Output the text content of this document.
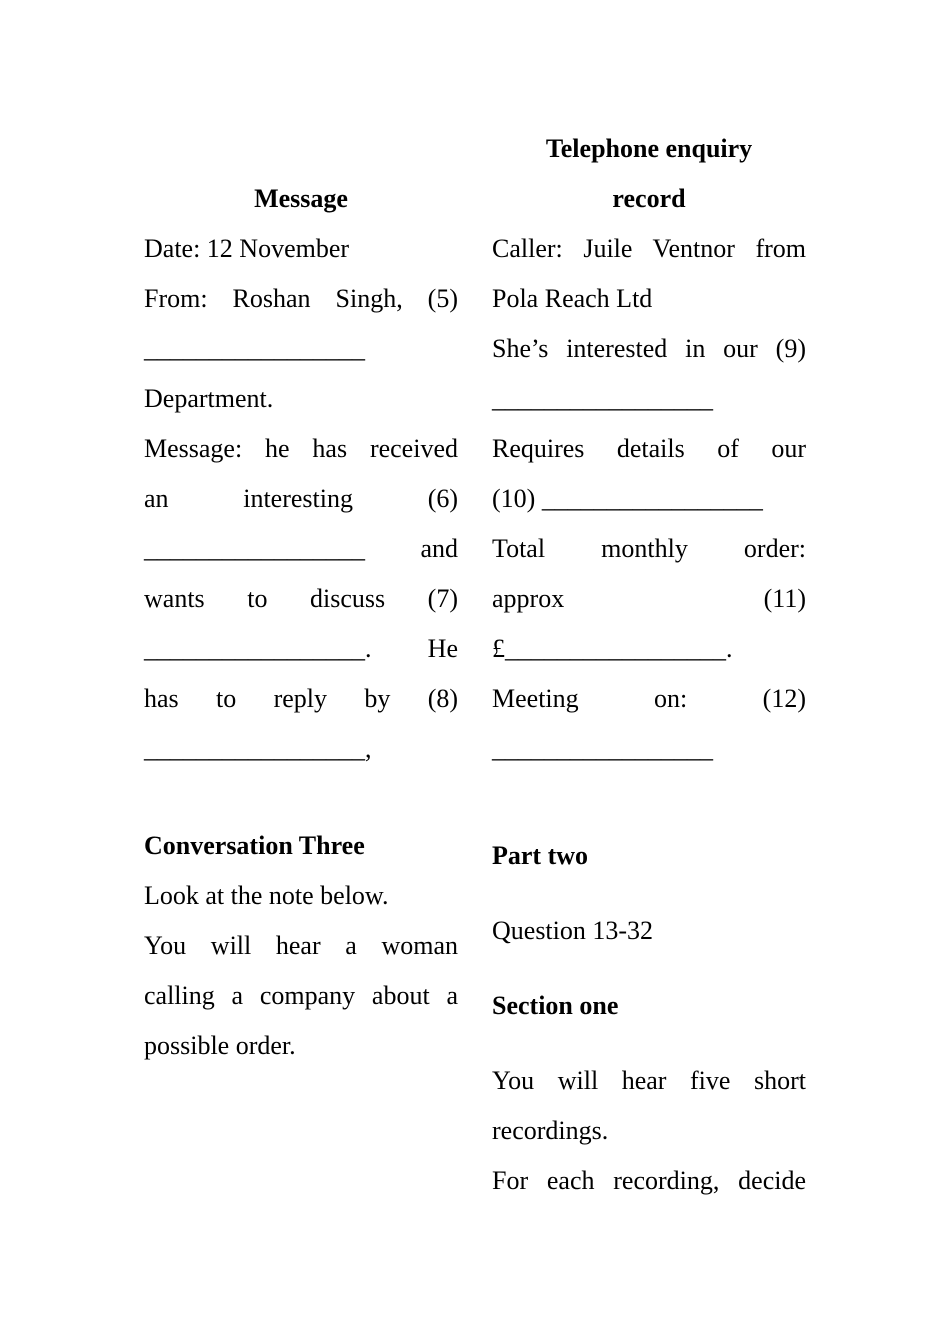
Message
Date: 12 November
From: Roshan Singh, (5)
_________________
Department.
Message: he has received
an	interesting	(6)
_________________ and
wants to discuss (7)
_________________. He
has to reply by (8)
_________________,
Telephone enquiry
record
Caller: Juile Ventnor from
Pola Reach Ltd
She’s interested in our (9)
_________________
Requires details of our
(10) _________________
Total monthly order:
approx	(11)
£_________________.
Meeting	on:	(12)
_________________
Conversation Three
Look at the note below.

You will hear a woman calling a company about a possible order.

Part two
Question 13-32
Section one

You will hear five short recordings.

For each recording, decide
